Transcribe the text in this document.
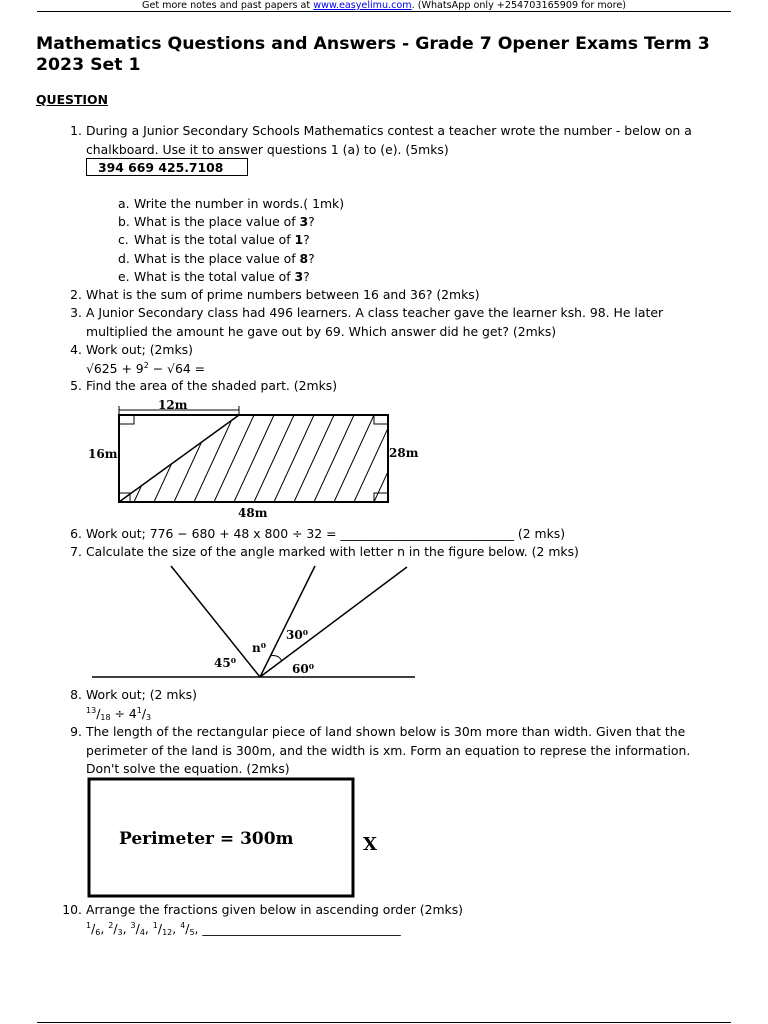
Get more notes and past papers at www.easyelimu.com. (WhatsApp only +254703165909 for more)
Mathematics Questions and Answers - Grade 7 Opener Exams Term 3 2023 Set 1
QUESTION
1. During a Junior Secondary Schools Mathematics contest a teacher wrote the number - below on a chalkboard. Use it to answer questions 1 (a) to (e). (5mks)
394 669 425.7108
a. Write the number in words.( 1mk)
b. What is the place value of 3?
c. What is the total value of 1?
d. What is the place value of 8?
e. What is the total value of 3?
2. What is the sum of prime numbers between 16 and 36? (2mks)
3. A Junior Secondary class had 496 learners. A class teacher gave the learner ksh. 98. He later multiplied the amount he gave out by 69. Which answer did he get? (2mks)
4. Work out; (2mks)
$√625 + 9^2 - √64$ =
5. Find the area of the shaded part. (2mks)
12m
16m	28m
48m
6. Work out; 776 − 680 + 48 x 800 ÷ 32 = ____________________________ (2 mks)
7. Calculate the size of the angle marked with letter n in the figure below. (2 mks)
45⁰
n⁰
30⁰
60⁰
8. Work out; (2 mks)
$^{13}/18 \div 4^1/3$
9. The length of the rectangular piece of land shown below is 30m more than width. Given that the perimeter of the land is 300m, and the width is xm. Form an equation to represe the information. Don't solve the equation. (2mks)
Perimeter = 300m	X
10. Arrange the fractions given below in ascending order (2mks)
$^1$/6, $^2$/3, $^3$/4, $^1$/12, $^4$/5, ________________________________
